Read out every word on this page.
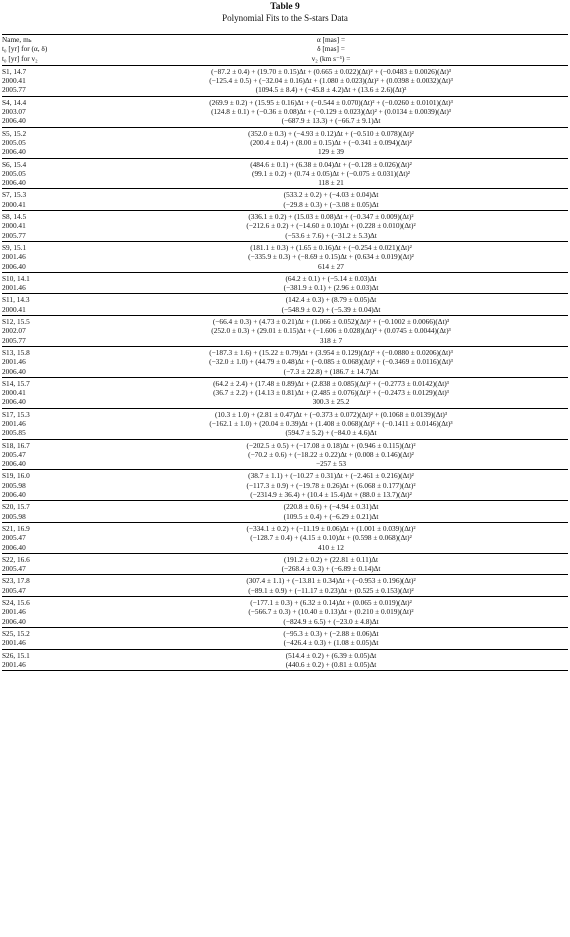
Table 9
Polynomial Fits to the S-stars Data
Name, mₖ	α [mas] =
t₀ [yr] for (α, δ)	δ [mas] =
t₀ [yr] for v₂	v₂ (km s⁻¹) =
S1, 14.7	(−87.2 ± 0.4) + (19.70 ± 0.15)Δt + (0.665 ± 0.022)(Δt)² + (−0.0483 ± 0.0026)(Δt)³
2000.41	(−125.4 ± 0.5) + (−32.04 ± 0.16)Δt + (1.080 ± 0.023)(Δt)² + (0.0398 ± 0.0032)(Δt)³
2005.77	(1094.5 ± 8.4) + (−45.8 ± 4.2)Δt + (13.6 ± 2.6)(Δt)²
S4, 14.4	(269.9 ± 0.2) + (15.95 ± 0.16)Δt + (−0.544 ± 0.070)(Δt)² + (−0.0260 ± 0.0101)(Δt)³
2003.07	(124.8 ± 0.1) + (−0.36 ± 0.08)Δt + (−0.129 ± 0.023)(Δt)² + (0.0134 ± 0.0039)(Δt)³
2006.40	(−687.9 ± 13.3) + (−66.7 ± 9.1)Δt
S5, 15.2	(352.0 ± 0.3) + (−4.93 ± 0.12)Δt + (−0.510 ± 0.078)(Δt)²
2005.05	(200.4 ± 0.4) + (8.00 ± 0.15)Δt + (−0.341 ± 0.094)(Δt)²
2006.40	129 ± 39
S6, 15.4	(484.6 ± 0.1) + (6.38 ± 0.04)Δt + (−0.128 ± 0.026)(Δt)²
2005.05	(99.1 ± 0.2) + (0.74 ± 0.05)Δt + (−0.075 ± 0.031)(Δt)²
2006.40	118 ± 21
S7, 15.3	(533.2 ± 0.2) + (−4.03 ± 0.04)Δt
2000.41	(−29.8 ± 0.3) + (−3.08 ± 0.05)Δt
S8, 14.5	(336.1 ± 0.2) + (15.03 ± 0.08)Δt + (−0.347 ± 0.009)(Δt)²
2000.41	(−212.6 ± 0.2) + (−14.60 ± 0.10)Δt + (0.228 ± 0.010)(Δt)²
2005.77	(−53.6 ± 7.6) + (−31.2 ± 5.3)Δt
S9, 15.1	(181.1 ± 0.3) + (1.65 ± 0.16)Δt + (−0.254 ± 0.021)(Δt)²
2001.46	(−335.9 ± 0.3) + (−8.69 ± 0.15)Δt + (0.634 ± 0.019)(Δt)²
2006.40	614 ± 27
S10, 14.1	(64.2 ± 0.1) + (−5.14 ± 0.03)Δt
2001.46	(−381.9 ± 0.1) + (2.96 ± 0.03)Δt
S11, 14.3	(142.4 ± 0.3) + (8.79 ± 0.05)Δt
2000.41	(−548.9 ± 0.2) + (−5.39 ± 0.04)Δt
S12, 15.5	(−66.4 ± 0.3) + (4.73 ± 0.21)Δt + (1.066 ± 0.052)(Δt)² + (−0.1002 ± 0.0066)(Δt)³
2002.07	(252.0 ± 0.3) + (29.01 ± 0.15)Δt + (−1.606 ± 0.028)(Δt)² + (0.0745 ± 0.0044)(Δt)³
2005.77	318 ± 7
S13, 15.8	(−187.3 ± 1.6) + (15.22 ± 0.79)Δt + (3.954 ± 0.129)(Δt)² + (−0.0880 ± 0.0206)(Δt)³
2001.46	(−32.0 ± 1.0) + (44.79 ± 0.48)Δt + (−0.085 ± 0.068)(Δt)² + (−0.3469 ± 0.0116)(Δt)³
2006.40	(−7.3 ± 22.8) + (186.7 ± 14.7)Δt
S14, 15.7	(64.2 ± 2.4) + (17.48 ± 0.89)Δt + (2.838 ± 0.085)(Δt)² + (−0.2773 ± 0.0142)(Δt)³
2000.41	(36.7 ± 2.2) + (14.13 ± 0.81)Δt + (2.485 ± 0.076)(Δt)² + (−0.2473 ± 0.0129)(Δt)³
2006.40	300.3 ± 25.2
S17, 15.3	(10.3 ± 1.0) + (2.81 ± 0.47)Δt + (−0.373 ± 0.072)(Δt)² + (0.1068 ± 0.0139)(Δt)³
2001.46	(−162.1 ± 1.0) + (20.04 ± 0.39)Δt + (1.408 ± 0.068)(Δt)² + (−0.1411 ± 0.0146)(Δt)³
2005.85	(594.7 ± 5.2) + (−84.0 ± 4.6)Δt
S18, 16.7	(−202.5 ± 0.5) + (−17.08 ± 0.18)Δt + (0.946 ± 0.115)(Δt)²
2005.47	(−70.2 ± 0.6) + (−18.22 ± 0.22)Δt + (0.008 ± 0.146)(Δt)²
2006.40	−257 ± 53
S19, 16.0	(38.7 ± 1.1) + (−10.27 ± 0.31)Δt + (−2.461 ± 0.216)(Δt)²
2005.98	(−117.3 ± 0.9) + (−19.78 ± 0.26)Δt + (6.068 ± 0.177)(Δt)²
2006.40	(−2314.9 ± 36.4) + (10.4 ± 15.4)Δt + (88.0 ± 13.7)(Δt)²
S20, 15.7	(220.8 ± 0.6) + (−4.94 ± 0.31)Δt
2005.98	(109.5 ± 0.4) + (−6.29 ± 0.21)Δt
S21, 16.9	(−334.1 ± 0.2) + (−11.19 ± 0.06)Δt + (1.001 ± 0.039)(Δt)²
2005.47	(−128.7 ± 0.4) + (4.15 ± 0.10)Δt + (0.598 ± 0.068)(Δt)²
2006.40	410 ± 12
S22, 16.6	(191.2 ± 0.2) + (22.81 ± 0.11)Δt
2005.47	(−268.4 ± 0.3) + (−6.89 ± 0.14)Δt
S23, 17.8	(307.4 ± 1.1) + (−13.81 ± 0.34)Δt + (−0.953 ± 0.196)(Δt)²
2005.47	(−89.1 ± 0.9) + (−11.17 ± 0.23)Δt + (0.525 ± 0.153)(Δt)²
S24, 15.6	(−177.1 ± 0.3) + (6.32 ± 0.14)Δt + (0.065 ± 0.019)(Δt)²
2001.46	(−566.7 ± 0.3) + (10.40 ± 0.13)Δt + (0.210 ± 0.019)(Δt)²
2006.40	(−824.9 ± 6.5) + (−23.0 ± 4.8)Δt
S25, 15.2	(−95.3 ± 0.3) + (−2.88 ± 0.06)Δt
2001.46	(−426.4 ± 0.3) + (1.08 ± 0.05)Δt
S26, 15.1	(514.4 ± 0.2) + (6.39 ± 0.05)Δt
2001.46	(440.6 ± 0.2) + (0.81 ± 0.05)Δt
